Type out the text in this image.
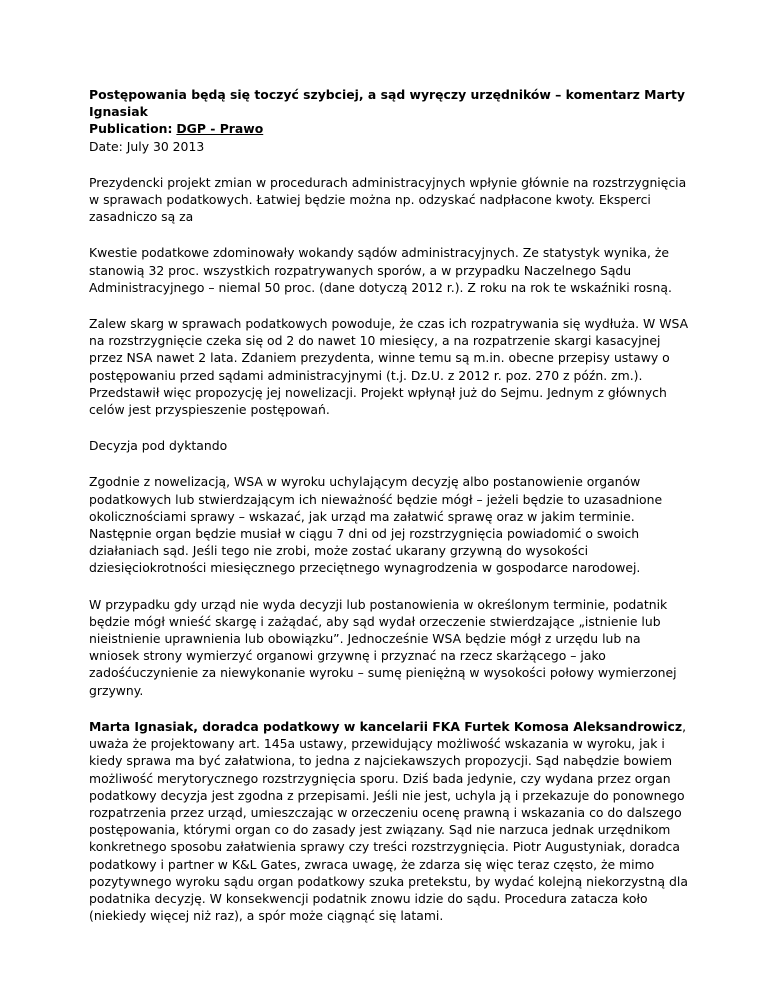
Postępowania będą się toczyć szybciej, a sąd wyręczy urzędników – komentarz Marty Ignasiak

Publication: DGP - Prawo

Date: July 30 2013

Prezydencki projekt zmian w procedurach administracyjnych wpłynie głównie na rozstrzygnięcia w sprawach podatkowych. Łatwiej będzie można np. odzyskać nadpłacone kwoty. Eksperci zasadniczo są za

Kwestie podatkowe zdominowały wokandy sądów administracyjnych. Ze statystyk wynika, że stanowią 32 proc. wszystkich rozpatrywanych sporów, a w przypadku Naczelnego Sądu Administracyjnego – niemal 50 proc. (dane dotyczą 2012 r.). Z roku na rok te wskaźniki rosną.

Zalew skarg w sprawach podatkowych powoduje, że czas ich rozpatrywania się wydłuża. W WSA na rozstrzygnięcie czeka się od 2 do nawet 10 miesięcy, a na rozpatrzenie skargi kasacyjnej przez NSA nawet 2 lata. Zdaniem prezydenta, winne temu są m.in. obecne przepisy ustawy o postępowaniu przed sądami administracyjnymi (t.j. Dz.U. z 2012 r. poz. 270 z późn. zm.). Przedstawił więc propozycję jej nowelizacji. Projekt wpłynął już do Sejmu. Jednym z głównych celów jest przyspieszenie postępowań.

Decyzja pod dyktando

Zgodnie z nowelizacją, WSA w wyroku uchylającym decyzję albo postanowienie organów podatkowych lub stwierdzającym ich nieważność będzie mógł – jeżeli będzie to uzasadnione okolicznościami sprawy – wskazać, jak urząd ma załatwić sprawę oraz w jakim terminie. Następnie organ będzie musiał w ciągu 7 dni od jej rozstrzygnięcia powiadomić o swoich działaniach sąd. Jeśli tego nie zrobi, może zostać ukarany grzywną do wysokości dziesięciokrotności miesięcznego przeciętnego wynagrodzenia w gospodarce narodowej.

W przypadku gdy urząd nie wyda decyzji lub postanowienia w określonym terminie, podatnik będzie mógł wnieść skargę i zażądać, aby sąd wydał orzeczenie stwierdzające „istnienie lub nieistnienie uprawnienia lub obowiązku”. Jednocześnie WSA będzie mógł z urzędu lub na wniosek strony wymierzyć organowi grzywnę i przyznać na rzecz skarżącego – jako zadośćuczynienie za niewykonanie wyroku – sumę pieniężną w wysokości połowy wymierzonej grzywny.

Marta Ignasiak, doradca podatkowy w kancelarii FKA Furtek Komosa Aleksandrowicz, uważa że projektowany art. 145a ustawy, przewidujący możliwość wskazania w wyroku, jak i kiedy sprawa ma być załatwiona, to jedna z najciekawszych propozycji. Sąd nabędzie bowiem możliwość merytorycznego rozstrzygnięcia sporu. Dziś bada jedynie, czy wydana przez organ podatkowy decyzja jest zgodna z przepisami. Jeśli nie jest, uchyla ją i przekazuje do ponownego rozpatrzenia przez urząd, umieszczając w orzeczeniu ocenę prawną i wskazania co do dalszego postępowania, którymi organ co do zasady jest związany. Sąd nie narzuca jednak urzędnikom konkretnego sposobu załatwienia sprawy czy treści rozstrzygnięcia. Piotr Augustyniak, doradca podatkowy i partner w K&L Gates, zwraca uwagę, że zdarza się więc teraz często, że mimo pozytywnego wyroku sądu organ podatkowy szuka pretekstu, by wydać kolejną niekorzystną dla podatnika decyzję. W konsekwencji podatnik znowu idzie do sądu. Procedura zatacza koło (niekiedy więcej niż raz), a spór może ciągnąć się latami.
